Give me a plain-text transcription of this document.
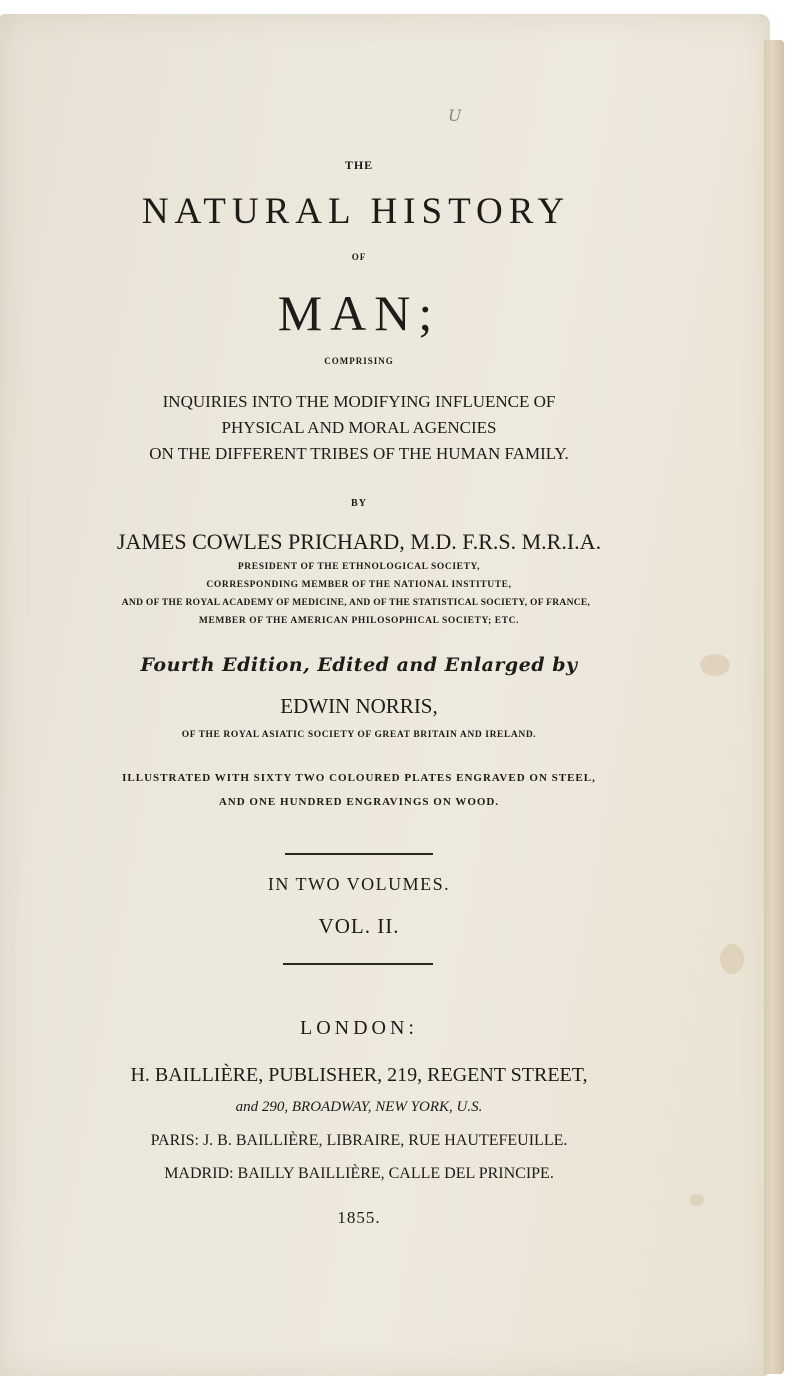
U
THE
NATURAL HISTORY
OF
MAN;
COMPRISING
INQUIRIES INTO THE MODIFYING INFLUENCE OF
PHYSICAL AND MORAL AGENCIES
ON THE DIFFERENT TRIBES OF THE HUMAN FAMILY.
BY
JAMES COWLES PRICHARD, M.D. F.R.S. M.R.I.A.
PRESIDENT OF THE ETHNOLOGICAL SOCIETY,
CORRESPONDING MEMBER OF THE NATIONAL INSTITUTE,
AND OF THE ROYAL ACADEMY OF MEDICINE, AND OF THE STATISTICAL SOCIETY, OF FRANCE,
MEMBER OF THE AMERICAN PHILOSOPHICAL SOCIETY; ETC.
Fourth Edition, Edited and Enlarged by
EDWIN NORRIS,
OF THE ROYAL ASIATIC SOCIETY OF GREAT BRITAIN AND IRELAND.
ILLUSTRATED WITH SIXTY TWO COLOURED PLATES ENGRAVED ON STEEL,
AND ONE HUNDRED ENGRAVINGS ON WOOD.
IN TWO VOLUMES.
VOL. II.
LONDON:
H. BAILLIÈRE, PUBLISHER, 219, REGENT STREET,
and 290, BROADWAY, NEW YORK, U.S.
PARIS: J. B. BAILLIÈRE, LIBRAIRE, RUE HAUTEFEUILLE.
MADRID: BAILLY BAILLIÈRE, CALLE DEL PRINCIPE.
1855.
